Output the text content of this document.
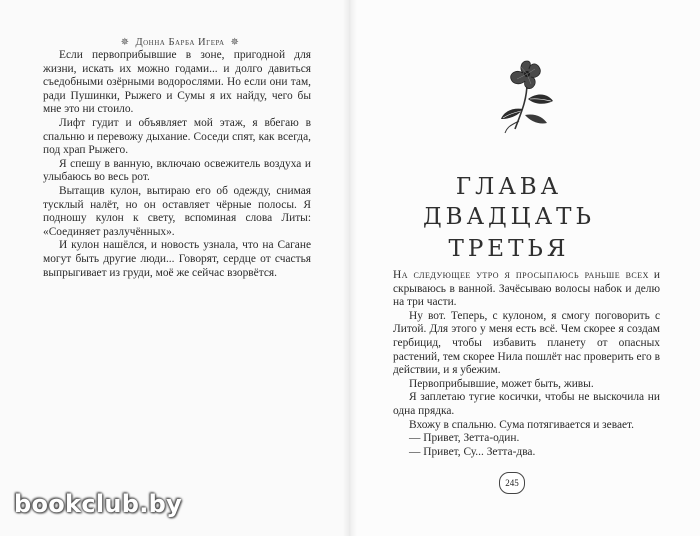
✵ Донна Барба Игера ✵

Если первоприбывшие в зоне, пригодной для жизни, искать их можно годами... и долго давиться съедобными озёрными водорослями. Но если они там, ради Пушинки, Рыжего и Сумы я их найду, чего бы мне это ни стоило.

Лифт гудит и объявляет мой этаж, я вбегаю в спальню и перевожу дыхание. Соседи спят, как всегда, под храп Рыжего.

Я спешу в ванную, включаю освежитель воздуха и улыбаюсь во весь рот.

Вытащив кулон, вытираю его об одежду, снимая тусклый налёт, но он оставляет чёрные полосы. Я подношу кулон к свету, вспоминая слова Литы: «Соединяет разлучённых».

И кулон нашёлся, и новость узнала, что на Сагане могут быть другие люди... Говорят, сердце от счастья выпрыгивает из груди, моё же сейчас взорвётся.

ГЛАВА ДВАДЦАТЬ
ТРЕТЬЯ

На следующее утро я просыпаюсь раньше всех и скрываюсь в ванной. Зачёсываю волосы набок и делю на три части.

Ну вот. Теперь, с кулоном, я смогу поговорить с Литой. Для этого у меня есть всё. Чем скорее я создам гербицид, чтобы избавить планету от опасных растений, тем скорее Нила пошлёт нас проверить его в действии, и я убежим.

Первоприбывшие, может быть, живы.

Я заплетаю тугие косички, чтобы не выскочила ни одна прядка.

Вхожу в спальню. Сума потягивается и зевает.

— Привет, Зетта-один.

— Привет, Су... Зетта-два.

245
bookclub.by
